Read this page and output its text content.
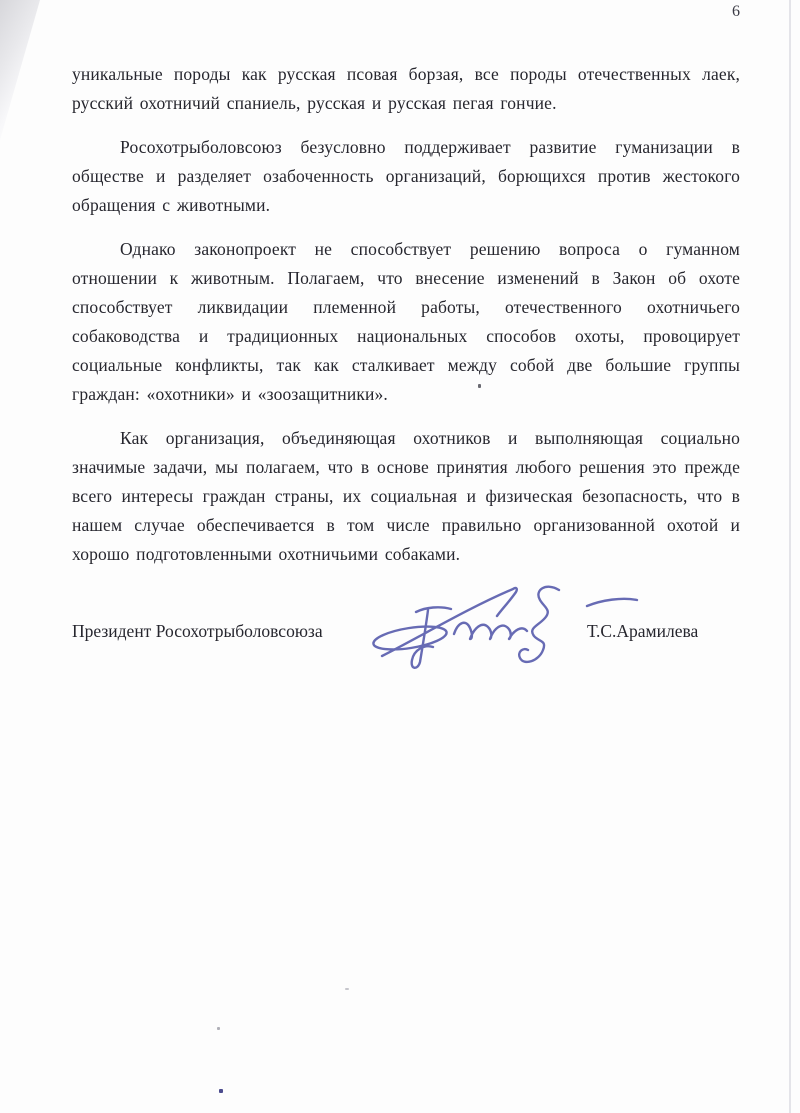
6

уникальные породы как русская псовая борзая, все породы отечественных лаек, русский охотничий спаниель, русская и русская пегая гончие.

Росохотрыболовсоюз безусловно поддерживает развитие гуманизации в обществе и разделяет озабоченность организаций, борющихся против жестокого обращения с животными.

Однако законопроект не способствует решению вопроса о гуманном отношении к животным. Полагаем, что внесение изменений в Закон об охоте способствует ликвидации племенной работы, отечественного охотничьего собаководства и традиционных национальных способов охоты, провоцирует социальные конфликты, так как сталкивает между собой две большие группы граждан: «охотники» и «зоозащитники».

Как организация, объединяющая охотников и выполняющая социально значимые задачи, мы полагаем, что в основе принятия любого решения это прежде всего интересы граждан страны, их социальная и физическая безопасность, что в нашем случае обеспечивается в том числе правильно организованной охотой и хорошо подготовленными охотничьими собаками.

Президент Росохотрыболовсоюза	Т.С.Арамилева
